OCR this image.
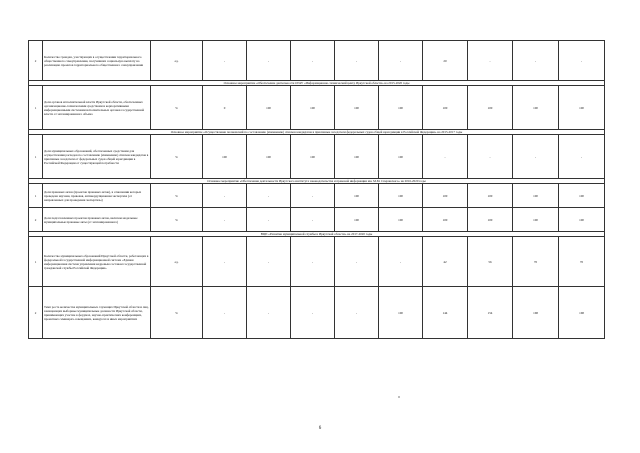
2	Количество граждан, участвующих в осуществлении территориального общественного самоуправления, получивших социальную выплату на реализацию проектов территориального общественного самоуправления	ед.	-	-	-	-	-	20	-	-	-
Основное мероприятие «Обеспечение деятельности ОГАУ «Информационно-технический центр Иркутской области» на 2015-2020 годы											
1	Доля органов исполнительной власти Иркутской области, обеспеченных организационно-техническими средствами и корпоративными информационными системами исполнительных органов государственной власти от запланированного объема	%	0	100	100	100	100	100	100	100	100
Основное мероприятие «Осуществление полномочий по составлению (изменению) списков кандидатов в присяжные заседатели федеральных судов общей юрисдикции в Российской Федерации» на 2015-2017 годы											
1	Доля муниципальных образований, обеспеченных средствами для осуществления расходов по составлению (изменению) списков кандидатов в присяжные заседатели от федеральных судов общей юрисдикции в Российской Федерации от существующей потребности	%	100	100	100	100	100	-	-	-	-
Основное мероприятие «Обеспечение деятельности Иркутского института законодательства и правовой информации им. М.М. Сперанского» на 2016-2020 годы											
1	Доля правовых актов (проектов правовых актов), в отношении которых проведена научная, правовая, антикоррупционная экспертиза (от направленных для проведения экспертизы)	%	-	-	-	100	100	100	100	100	100
2	Доля подготовленных проектов правовых актов, включая модельные муниципальные правовые акты (от запланированного)	%	-	-	-	100	100	100	100	100	100
ВЦП «Развитие муниципальной службы в Иркутской области» на 2017-2020 годы											
1	Количество муниципальных образований Иркутской области, работающих в федеральной государственной информационной системе «Единая информационная система управления кадровым составом государственной гражданской службы Российской Федерации»	ед.	-	-	-	-	-	42	56	70	70
2	Темп роста количества муниципальных служащих Иркутской области и лиц, замещающих выборные муниципальные должности Иркутской области, принимающих участие в форумах, научно-практических конференциях, проектных семинарах-совещаниях, конкурсах и иных мероприятиях	%	-	-	-	-	100	144	154	168	168
6
